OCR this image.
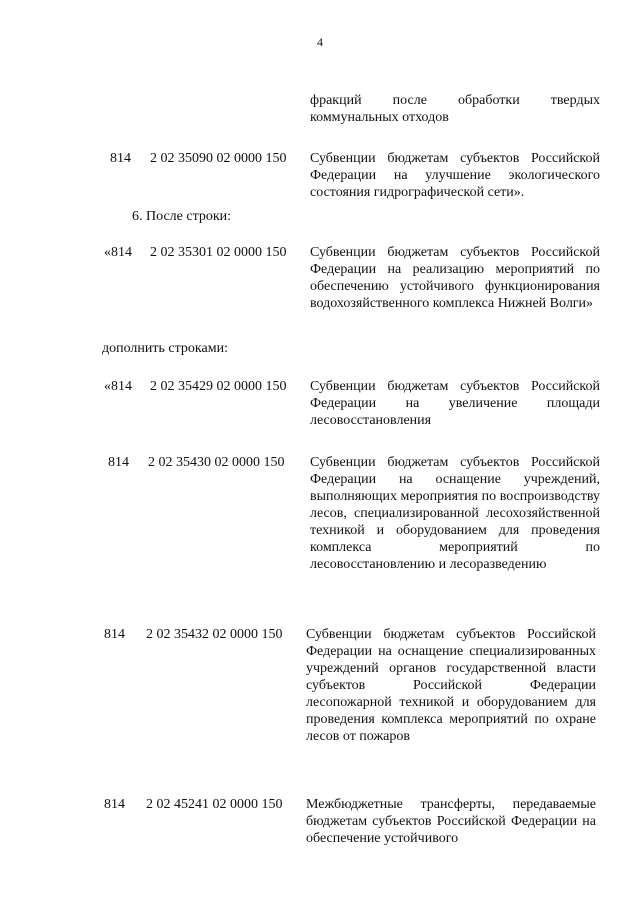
4
фракций после обработки твердых коммунальных отходов
814 2 02 35090 02 0000 150 Субвенции бюджетам субъектов Российской Федерации на улучшение экологического состояния гидрографической сети».
6. После строки:
«814 2 02 35301 02 0000 150 Субвенции бюджетам субъектов Российской Федерации на реализацию мероприятий по обеспечению устойчивого функционирования водохозяйственного комплекса Нижней Волги»
дополнить строками:
«814 2 02 35429 02 0000 150 Субвенции бюджетам субъектов Российской Федерации на увеличение площади лесовосстановления
814 2 02 35430 02 0000 150 Субвенции бюджетам субъектов Российской Федерации на оснащение учреждений, выполняющих мероприятия по воспроизводству лесов, специализированной лесохозяйственной техникой и оборудованием для проведения комплекса мероприятий по лесовосстановлению и лесоразведению
814 2 02 35432 02 0000 150 Субвенции бюджетам субъектов Российской Федерации на оснащение специализированных учреждений органов государственной власти субъектов Российской Федерации лесопожарной техникой и оборудованием для проведения комплекса мероприятий по охране лесов от пожаров
814 2 02 45241 02 0000 150 Межбюджетные трансферты, передаваемые бюджетам субъектов Российской Федерации на обеспечение устойчивого
